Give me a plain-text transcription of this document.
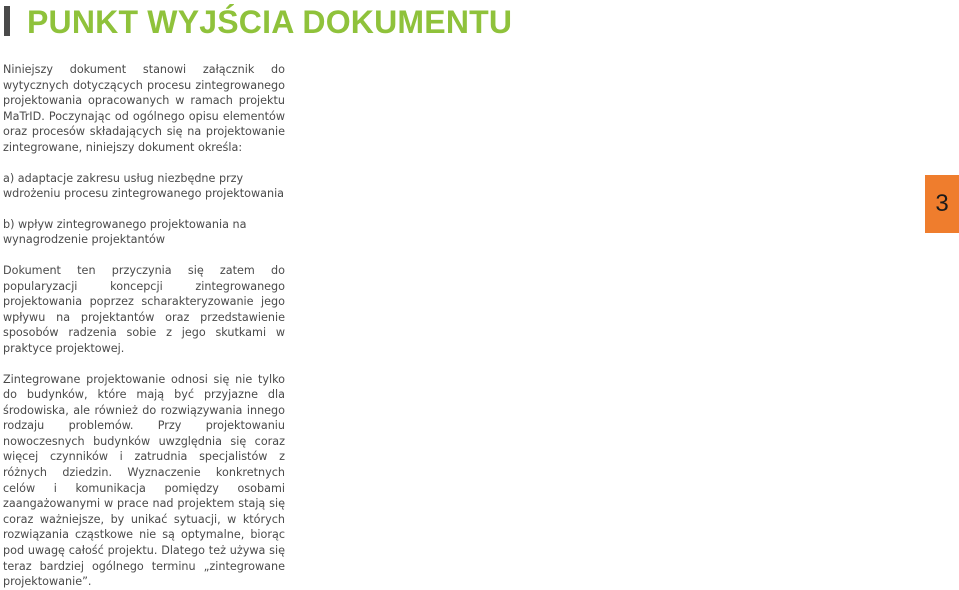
PUNKT WYJŚCIA DOKUMENTU

Niniejszy dokument stanowi załącznik do wytycznych dotyczących procesu zintegrowanego projektowania opracowanych w ramach projektu MaTrID. Poczynając od ogólnego opisu elementów oraz procesów składających się na projektowanie zintegrowane, niniejszy dokument określa:

a) adaptacje zakresu usług niezbędne przy wdrożeniu procesu zintegrowanego projektowania

b) wpływ zintegrowanego projektowania na wynagrodzenie projektantów

Dokument ten przyczynia się zatem do popularyzacji koncepcji zintegrowanego projektowania poprzez scharakteryzowanie jego wpływu na projektantów oraz przedstawienie sposobów radzenia sobie z jego skutkami w praktyce projektowej.

Zintegrowane projektowanie odnosi się nie tylko do budynków, które mają być przyjazne dla środowiska, ale również do rozwiązywania innego rodzaju problemów. Przy projektowaniu nowoczesnych budynków uwzględnia się coraz więcej czynników i zatrudnia specjalistów z różnych dziedzin. Wyznaczenie konkretnych celów i komunikacja pomiędzy osobami zaangażowanymi w prace nad projektem stają się coraz ważniejsze, by unikać sytuacji, w których rozwiązania cząstkowe nie są optymalne, biorąc pod uwagę całość projektu. Dlatego też używa się teraz bardziej ogólnego terminu „zintegrowane projektowanie”.

3
